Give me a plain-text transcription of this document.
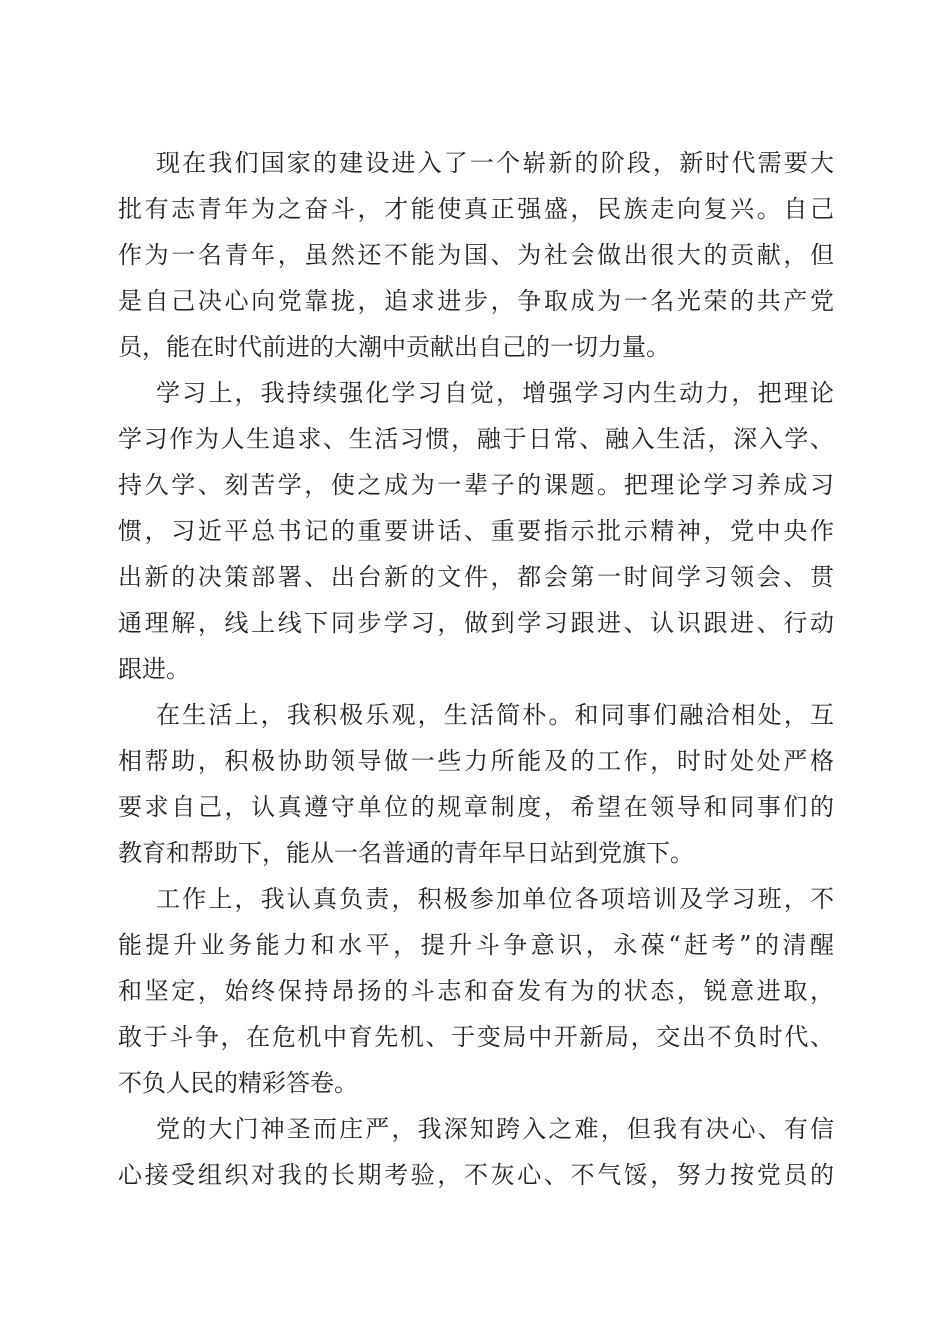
现在我们国家的建设进入了一个崭新的阶段，新时代需要大
批有志青年为之奋斗，才能使真正强盛，民族走向复兴。自己
作为一名青年，虽然还不能为国、为社会做出很大的贡献，但
是自己决心向党靠拢，追求进步，争取成为一名光荣的共产党
员，能在时代前进的大潮中贡献出自己的一切力量。
学习上，我持续强化学习自觉，增强学习内生动力，把理论
学习作为人生追求、生活习惯，融于日常、融入生活，深入学、
持久学、刻苦学，使之成为一辈子的课题。把理论学习养成习
惯，习近平总书记的重要讲话、重要指示批示精神，党中央作
出新的决策部署、出台新的文件，都会第一时间学习领会、贯
通理解，线上线下同步学习，做到学习跟进、认识跟进、行动
跟进。
在生活上，我积极乐观，生活简朴。和同事们融洽相处，互
相帮助，积极协助领导做一些力所能及的工作，时时处处严格
要求自己，认真遵守单位的规章制度，希望在领导和同事们的
教育和帮助下，能从一名普通的青年早日站到党旗下。
工作上，我认真负责，积极参加单位各项培训及学习班，不
能提升业务能力和水平，提升斗争意识，永葆“赶考”的清醒
和坚定，始终保持昂扬的斗志和奋发有为的状态，锐意进取，
敢于斗争，在危机中育先机、于变局中开新局，交出不负时代、
不负人民的精彩答卷。
党的大门神圣而庄严，我深知跨入之难，但我有决心、有信
心接受组织对我的长期考验，不灰心、不气馁，努力按党员的
